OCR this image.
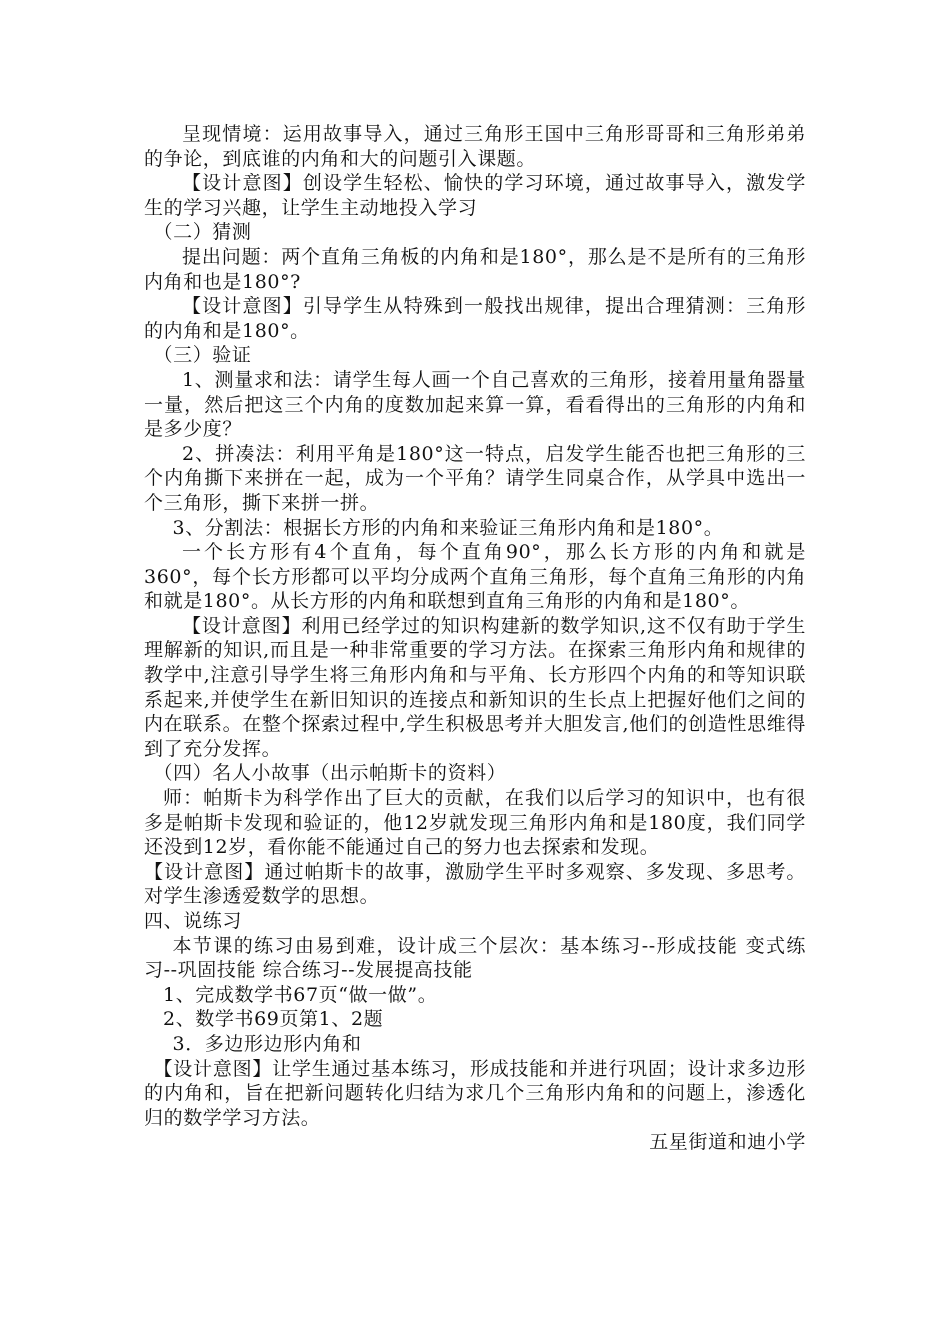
呈现情境：运用故事导入，通过三角形王国中三角形哥哥和三角形弟弟的争论，到底谁的内角和大的问题引入课题。

【设计意图】创设学生轻松、愉快的学习环境，通过故事导入，激发学生的学习兴趣，让学生主动地投入学习

（二）猜测

提出问题：两个直角三角板的内角和是180°，那么是不是所有的三角形内角和也是180°?

【设计意图】引导学生从特殊到一般找出规律，提出合理猜测：三角形的内角和是180°。

（三）验证

1、测量求和法：请学生每人画一个自己喜欢的三角形，接着用量角器量一量，然后把这三个内角的度数加起来算一算，看看得出的三角形的内角和是多少度？

2、拼凑法：利用平角是180°这一特点，启发学生能否也把三角形的三个内角撕下来拼在一起，成为一个平角？请学生同桌合作，从学具中选出一个三角形，撕下来拼一拼。

3、分割法：根据长方形的内角和来验证三角形内角和是180°。

一个长方形有4个直角，每个直角90°，那么长方形的内角和就是360°，每个长方形都可以平均分成两个直角三角形，每个直角三角形的内角和就是180°。从长方形的内角和联想到直角三角形的内角和是180°。

【设计意图】利用已经学过的知识构建新的数学知识,这不仅有助于学生理解新的知识,而且是一种非常重要的学习方法。在探索三角形内角和规律的教学中,注意引导学生将三角形内角和与平角、长方形四个内角的和等知识联系起来,并使学生在新旧知识的连接点和新知识的生长点上把握好他们之间的内在联系。在整个探索过程中,学生积极思考并大胆发言,他们的创造性思维得到了充分发挥。

（四）名人小故事（出示帕斯卡的资料）

师：帕斯卡为科学作出了巨大的贡献，在我们以后学习的知识中，也有很多是帕斯卡发现和验证的，他12岁就发现三角形内角和是180度，我们同学还没到12岁，看你能不能通过自己的努力也去探索和发现。

【设计意图】通过帕斯卡的故事，激励学生平时多观察、多发现、多思考。对学生渗透爱数学的思想。

四、说练习

本节课的练习由易到难，设计成三个层次：基本练习--形成技能 变式练习--巩固技能 综合练习--发展提高技能

1、完成数学书67页“做一做”。

2、数学书69页第1、2题

3．多边形边形内角和

【设计意图】让学生通过基本练习，形成技能和并进行巩固；设计求多边形的内角和，旨在把新问题转化归结为求几个三角形内角和的问题上，渗透化归的数学学习方法。

五星街道和迪小学
